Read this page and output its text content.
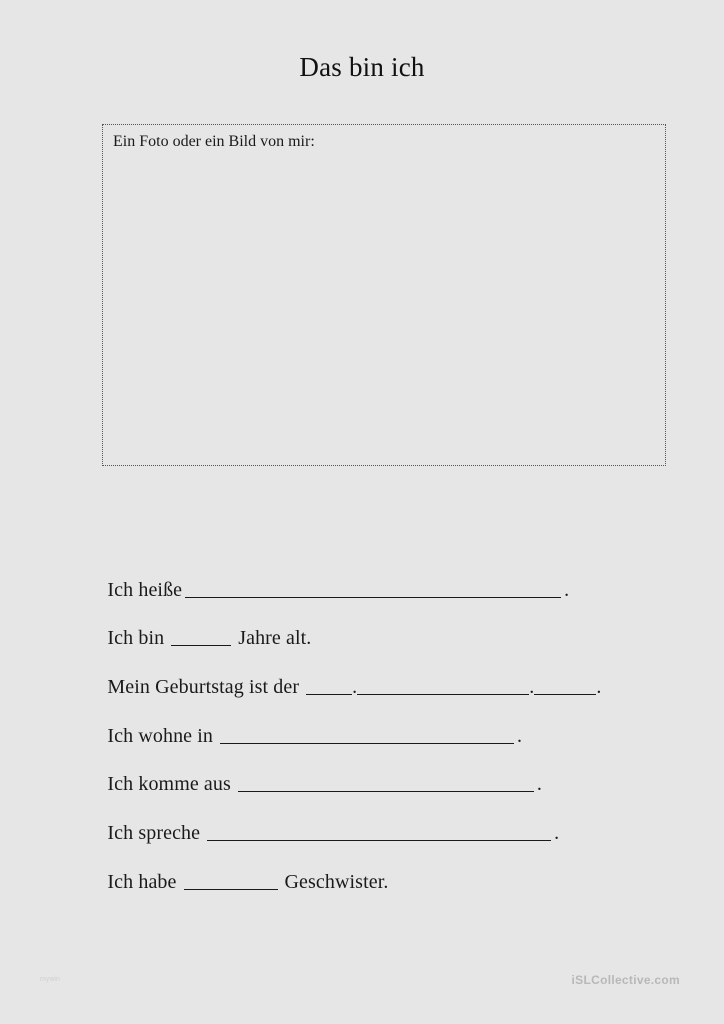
Das bin ich
Ein Foto oder ein Bild von mir:

Ich heiße	.

Ich bin	Jahre alt.

Mein Geburtstag ist der	.	.	.

Ich wohne in	.

Ich komme aus	.

Ich spreche	.

Ich habe	Geschwister.

mywin	iSLCollective.com
